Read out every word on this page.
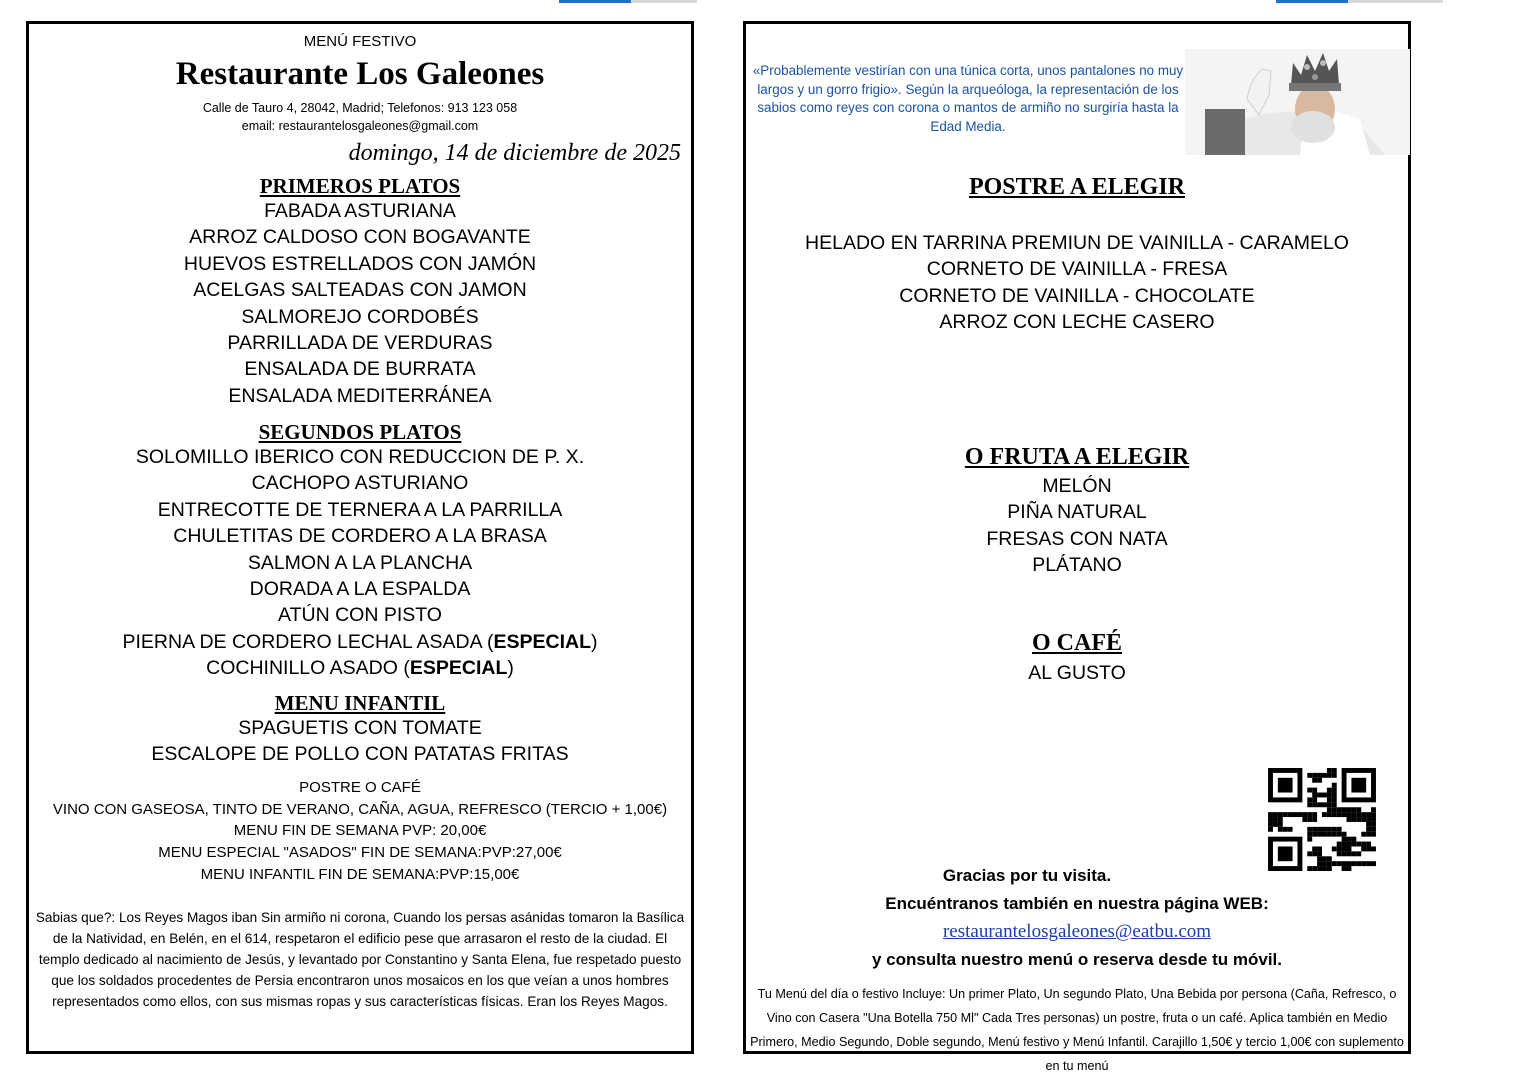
MENÚ FESTIVO
Restaurante Los Galeones
Calle de Tauro 4, 28042, Madrid; Telefonos: 913 123 058
email: restaurantelosgaleones@gmail.com
domingo, 14 de diciembre de 2025
PRIMEROS PLATOS
FABADA ASTURIANA
ARROZ CALDOSO CON BOGAVANTE
HUEVOS ESTRELLADOS CON JAMÓN
ACELGAS SALTEADAS CON JAMON
SALMOREJO CORDOBÉS
PARRILLADA DE VERDURAS
ENSALADA DE BURRATA
ENSALADA MEDITERRÁNEA
SEGUNDOS PLATOS
SOLOMILLO IBERICO CON REDUCCION DE P. X.
CACHOPO ASTURIANO
ENTRECOTTE DE TERNERA A LA PARRILLA
CHULETITAS DE CORDERO A LA BRASA
SALMON A LA PLANCHA
DORADA A LA ESPALDA
ATÚN CON PISTO
PIERNA DE CORDERO LECHAL ASADA (ESPECIAL)
COCHINILLO ASADO (ESPECIAL)
MENU INFANTIL
SPAGUETIS CON TOMATE
ESCALOPE DE POLLO CON PATATAS FRITAS
POSTRE O CAFÉ
VINO CON GASEOSA, TINTO DE VERANO, CAÑA, AGUA, REFRESCO (TERCIO + 1,00€)
MENU FIN DE SEMANA PVP: 20,00€
MENU ESPECIAL "ASADOS" FIN DE SEMANA:PVP:27,00€
MENU INFANTIL FIN DE SEMANA:PVP:15,00€
Sabias que?: Los Reyes Magos iban Sin armiño ni corona, Cuando los persas asánidas tomaron la Basílica de la Natividad, en Belén, en el 614, respetaron el edificio pese que arrasaron el resto de la ciudad. El templo dedicado al nacimiento de Jesús, y levantado por Constantino y Santa Elena, fue respetado puesto que los soldados procedentes de Persia encontraron unos mosaicos en los que veían a unos hombres representados como ellos, con sus mismas ropas y sus características físicas. Eran los Reyes Magos.
«Probablemente vestirían con una túnica corta, unos pantalones no muy largos y un gorro frigio». Según la arqueóloga, la representación de los sabios como reyes con corona o mantos de armiño no surgiría hasta la Edad Media.
POSTRE A ELEGIR
HELADO EN TARRINA PREMIUN DE VAINILLA - CARAMELO
CORNETO DE VAINILLA - FRESA
CORNETO DE VAINILLA - CHOCOLATE
ARROZ CON LECHE CASERO
O FRUTA A ELEGIR
MELÓN
PIÑA NATURAL
FRESAS CON NATA
PLÁTANO
O CAFÉ
AL GUSTO
Gracias por tu visita.
Encuéntranos también en nuestra página WEB:
restaurantelosgaleones@eatbu.com
y consulta nuestro menú o reserva desde tu móvil.
Tu Menú del día o festivo Incluye: Un primer Plato, Un segundo Plato, Una Bebida por persona (Caña, Refresco, o Vino con Casera "Una Botella 750 Ml" Cada Tres personas) un postre, fruta o un café. Aplica también en Medio Primero, Medio Segundo, Doble segundo, Menú festivo y Menú Infantil. Carajillo 1,50€ y tercio 1,00€ con suplemento en tu menú
